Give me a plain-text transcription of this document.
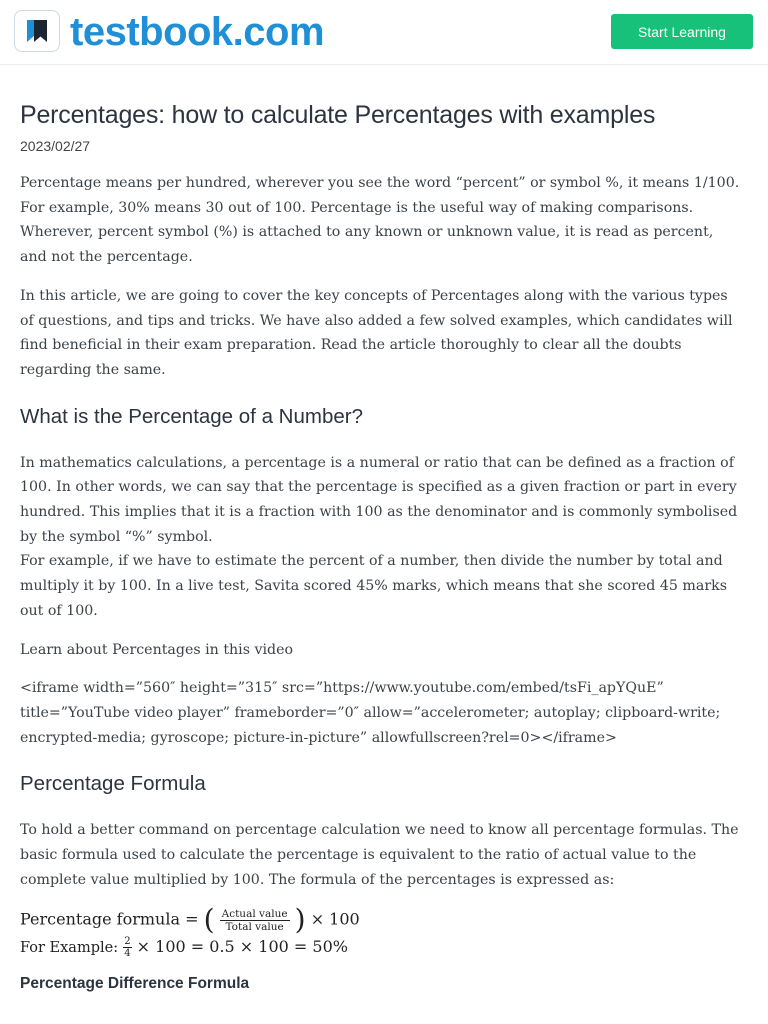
testbook.com	Start Learning
Percentages: how to calculate Percentages with examples
2023/02/27

Percentage means per hundred, wherever you see the word “percent” or symbol %, it means 1/100. For example, 30% means 30 out of 100. Percentage is the useful way of making comparisons. Wherever, percent symbol (%) is attached to any known or unknown value, it is read as percent, and not the percentage.

In this article, we are going to cover the key concepts of Percentages along with the various types of questions, and tips and tricks. We have also added a few solved examples, which candidates will find beneficial in their exam preparation. Read the article thoroughly to clear all the doubts regarding the same.

What is the Percentage of a Number?

In mathematics calculations, a percentage is a numeral or ratio that can be defined as a fraction of 100. In other words, we can say that the percentage is specified as a given fraction or part in every hundred. This implies that it is a fraction with 100 as the denominator and is commonly symbolised by the symbol “%” symbol.

For example, if we have to estimate the percent of a number, then divide the number by total and multiply it by 100. In a live test, Savita scored 45% marks, which means that she scored 45 marks out of 100.

Learn about Percentages in this video

<iframe width=”560″ height=”315″ src=”https://www.youtube.com/embed/tsFi_apYQuE” title=”YouTube video player” frameborder=”0″ allow=”accelerometer; autoplay; clipboard-write; encrypted-media; gyroscope; picture-in-picture” allowfullscreen?rel=0></iframe>

Percentage Formula

To hold a better command on percentage calculation we need to know all percentage formulas. The basic formula used to calculate the percentage is equivalent to the ratio of actual value to the complete value multiplied by 100. The formula of the percentages is expressed as:

Percentage formula = ( $\frac{\text{Actual value}}{\text{Total value}}$ ) × 100
For Example: $\frac{2}{4} \times 100 = 0.5 \times 100 = 50\%$
Percentage Difference Formula
